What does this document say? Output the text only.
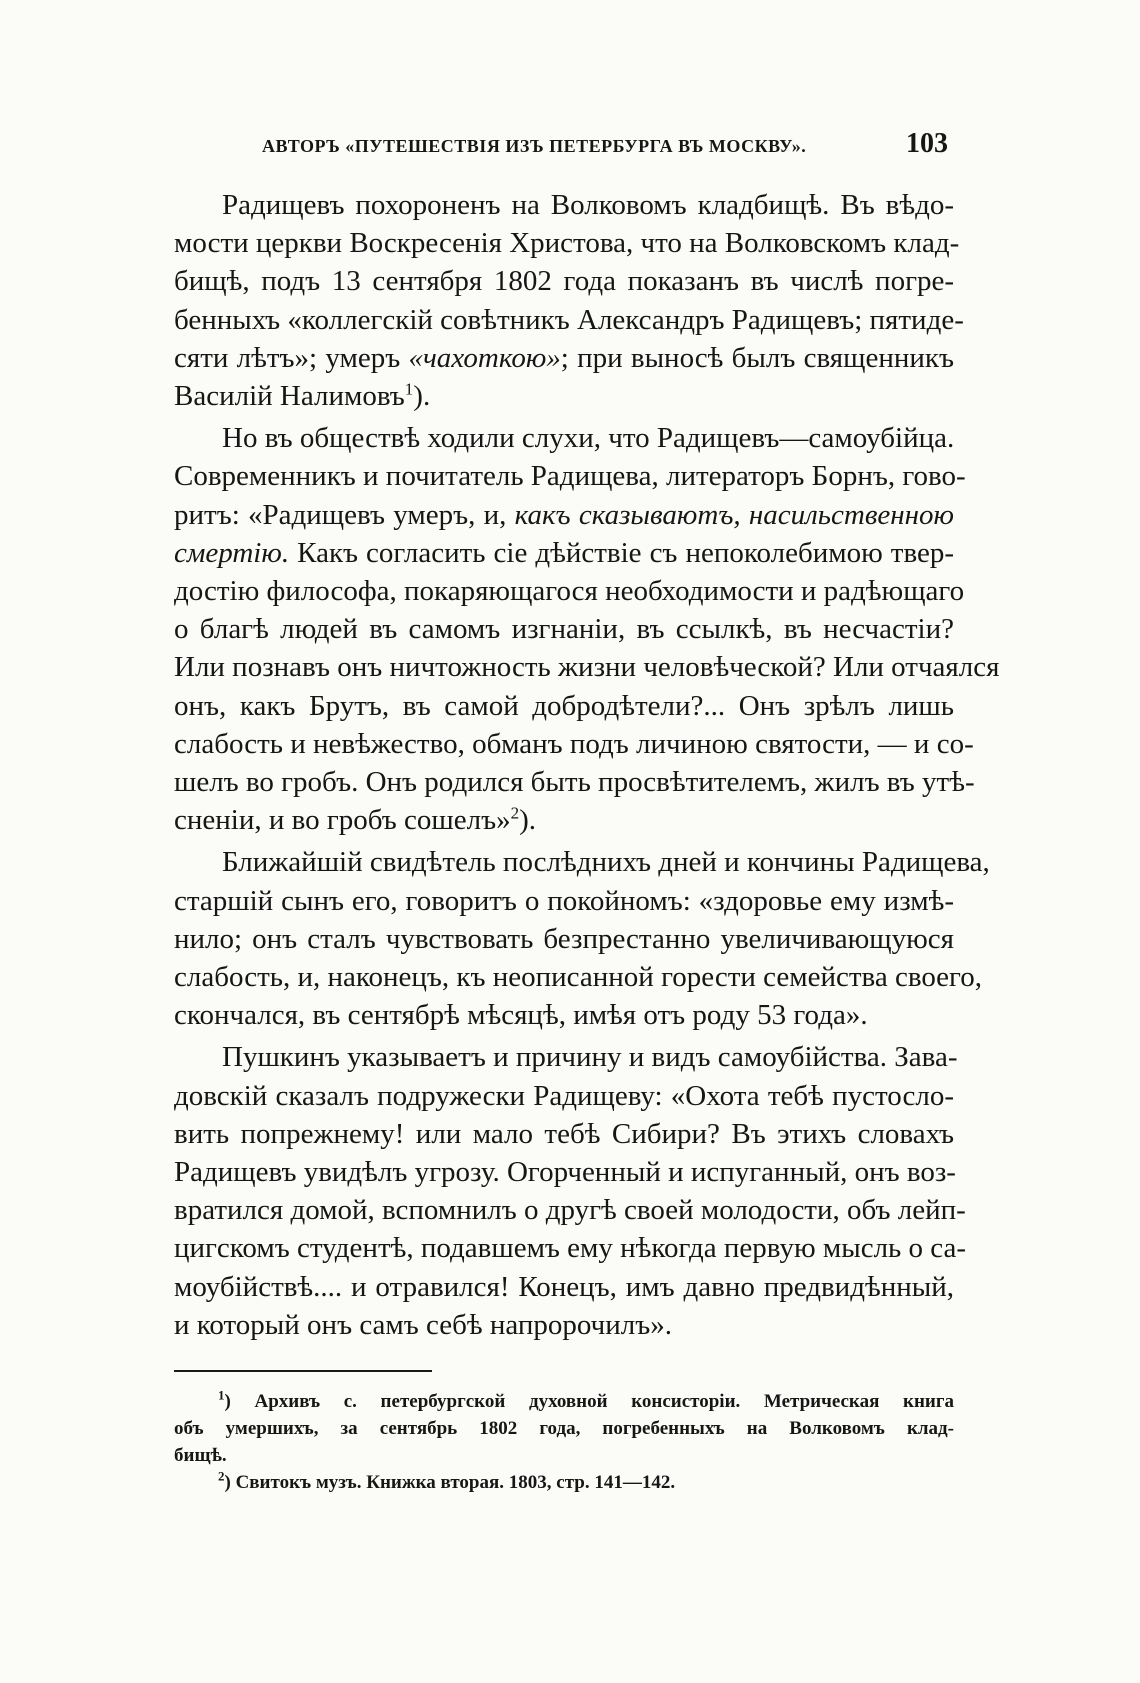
АВТОРЪ «ПУТЕШЕСТВІЯ ИЗЪ ПЕТЕРБУРГА ВЪ МОСКВУ».	103
Радищевъ похороненъ на Волковомъ кладбищѣ. Въ вѣдо-
мости церкви Воскресенія Христова, что на Волковскомъ клад-
бищѣ, подъ 13 сентября 1802 года показанъ въ числѣ погре-
бенныхъ «коллегскій совѣтникъ Александръ Радищевъ; пятиде-
сяти лѣтъ»; умеръ «чахоткою»; при выносѣ былъ священникъ
Василій Налимовъ$^1$).
Но въ обществѣ ходили слухи, что Радищевъ—самоубійца.
Современникъ и почитатель Радищева, литераторъ Борнъ, гово-
ритъ: «Радищевъ умеръ, и, какъ сказываютъ, насильственною
смертію. Какъ согласить сіе дѣйствіе съ непоколебимою твер-
достію философа, покаряющагося необходимости и радѣющаго
о благѣ людей въ самомъ изгнаніи, въ ссылкѣ, въ несчастіи?
Или познавъ онъ ничтожность жизни человѣческой? Или отчаялся
онъ, какъ Брутъ, въ самой добродѣтели?... Онъ зрѣлъ лишь
слабость и невѣжество, обманъ подъ личиною святости, — и со-
шелъ во гробъ. Онъ родился быть просвѣтителемъ, жилъ въ утѣ-
сненіи, и во гробъ сошелъ»$^2$).
Ближайшій свидѣтель послѣднихъ дней и кончины Радищева,
старшій сынъ его, говоритъ о покойномъ: «здоровье ему измѣ-
нило; онъ сталъ чувствовать безпрестанно увеличивающуюся
слабость, и, наконецъ, къ неописанной горести семейства своего,
скончался, въ сентябрѣ мѣсяцѣ, имѣя отъ роду 53 года».
Пушкинъ указываетъ и причину и видъ самоубійства. Зава-
довскій сказалъ подружески Радищеву: «Охота тебѣ пустосло-
вить попрежнему! или мало тебѣ Сибири? Въ этихъ словахъ
Радищевъ увидѣлъ угрозу. Огорченный и испуганный, онъ воз-
вратился домой, вспомнилъ о другѣ своей молодости, объ лейп-
цигскомъ студентѣ, подавшемъ ему нѣкогда первую мысль о са-
моубійствѣ.... и отравился! Конецъ, имъ давно предвидѣнный,
и который онъ самъ себѣ напророчилъ».
$^1$) Архивъ с. петербургской духовной консисторіи. Метрическая книга
объ умершихъ, за сентябрь 1802 года, погребенныхъ на Волковомъ клад-
бищѣ.
$^2$) Свитокъ музъ. Книжка вторая. 1803, стр. 141—142.
